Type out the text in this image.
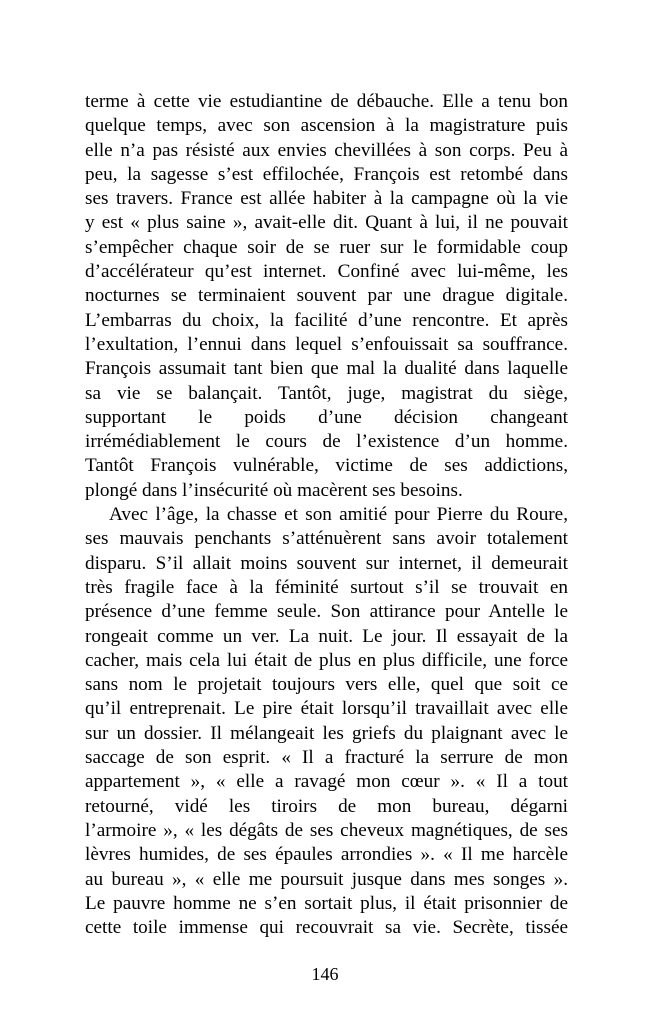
terme à cette vie estudiantine de débauche. Elle a tenu bon
quelque temps, avec son ascension à la magistrature puis
elle n’a pas résisté aux envies chevillées à son corps. Peu à
peu, la sagesse s’est effilochée, François est retombé dans
ses travers. France est allée habiter à la campagne où la vie
y est « plus saine », avait-elle dit. Quant à lui, il ne pouvait
s’empêcher chaque soir de se ruer sur le formidable coup
d’accélérateur qu’est internet. Confiné avec lui-même, les
nocturnes se terminaient souvent par une drague digitale.
L’embarras du choix, la facilité d’une rencontre. Et après
l’exultation, l’ennui dans lequel s’enfouissait sa souffrance.
François assumait tant bien que mal la dualité dans laquelle
sa vie se balançait. Tantôt, juge, magistrat du siège,
supportant le poids d’une décision changeant
irrémédiablement le cours de l’existence d’un homme.
Tantôt François vulnérable, victime de ses addictions,
plongé dans l’insécurité où macèrent ses besoins.
Avec l’âge, la chasse et son amitié pour Pierre du Roure,
ses mauvais penchants s’atténuèrent sans avoir totalement
disparu. S’il allait moins souvent sur internet, il demeurait
très fragile face à la féminité surtout s’il se trouvait en
présence d’une femme seule. Son attirance pour Antelle le
rongeait comme un ver. La nuit. Le jour. Il essayait de la
cacher, mais cela lui était de plus en plus difficile, une force
sans nom le projetait toujours vers elle, quel que soit ce
qu’il entreprenait. Le pire était lorsqu’il travaillait avec elle
sur un dossier. Il mélangeait les griefs du plaignant avec le
saccage de son esprit. « Il a fracturé la serrure de mon
appartement », « elle a ravagé mon cœur ». « Il a tout
retourné, vidé les tiroirs de mon bureau, dégarni
l’armoire », « les dégâts de ses cheveux magnétiques, de ses
lèvres humides, de ses épaules arrondies ». « Il me harcèle
au bureau », « elle me poursuit jusque dans mes songes ».
Le pauvre homme ne s’en sortait plus, il était prisonnier de
cette toile immense qui recouvrait sa vie. Secrète, tissée
146
